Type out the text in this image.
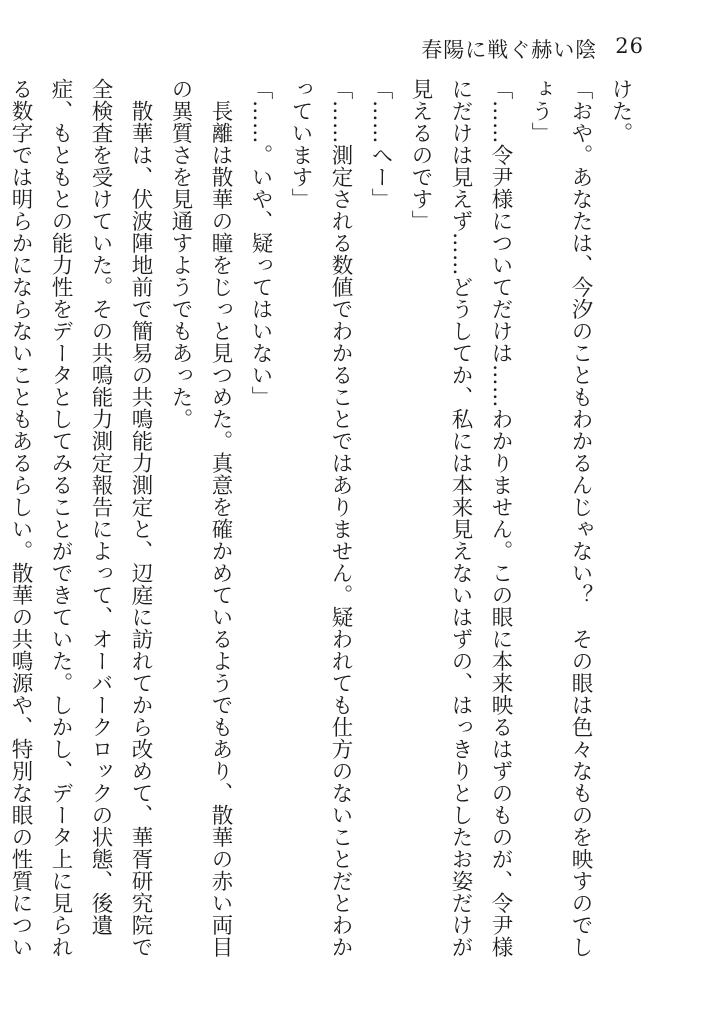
春陽に戦ぐ赫い陰 26

けた。

「おや。あなたは、今汐のこともわかるんじゃない？　その眼は色々なものを映すのでしょう」

「……令尹様についてだけは……わかりません。この眼に本来映るはずのものが、令尹様にだけは見えず……どうしてか、私には本来見えないはずの、はっきりとしたお姿だけが見えるのです」

「……へー」

「……測定される数値でわかることではありません。疑われても仕方のないことだとわかっています」

「……。いや、疑ってはいない」

　長離は散華の瞳をじっと見つめた。真意を確かめているようでもあり、散華の赤い両目の異質さを見通すようでもあった。

　散華は、伏波陣地前で簡易の共鳴能力測定と、辺庭に訪れてから改めて、華胥研究院で全検査を受けていた。その共鳴能力測定報告によって、オーバークロックの状態、後遺症、もともとの能力性をデータとしてみることができていた。しかし、データ上に見られる数字では明らかにならないこともあるらしい。散華の共鳴源や、特別な眼の性質につい
